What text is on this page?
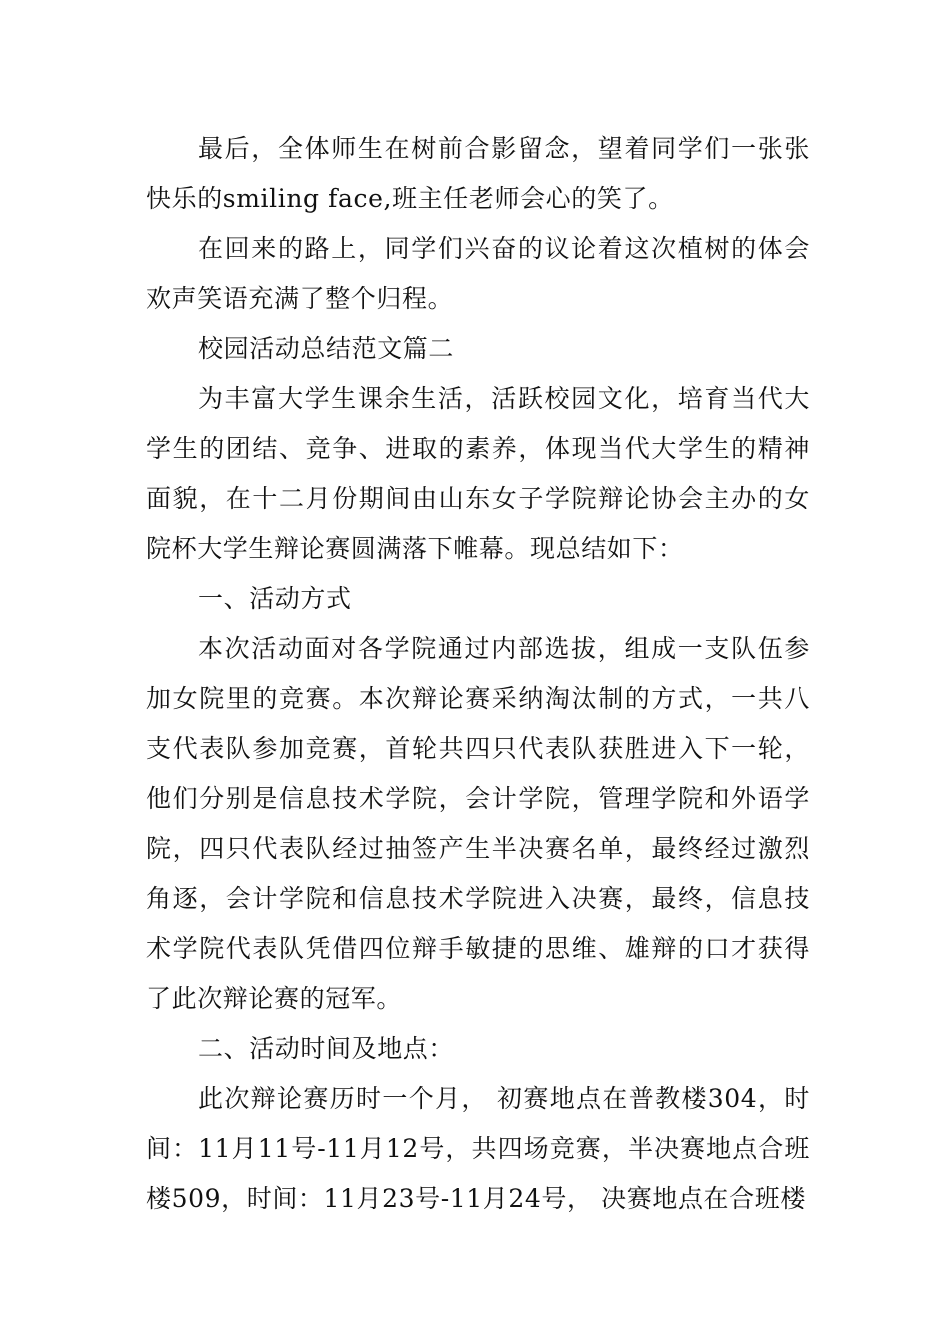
最后，全体师生在树前合影留念，望着同学们一张张快乐的smiling face,班主任老师会心的笑了。

在回来的路上，同学们兴奋的议论着这次植树的体会欢声笑语充满了整个归程。

校园活动总结范文篇二

为丰富大学生课余生活，活跃校园文化，培育当代大学生的团结、竞争、进取的素养，体现当代大学生的精神面貌，在十二月份期间由山东女子学院辩论协会主办的女院杯大学生辩论赛圆满落下帷幕。现总结如下：

一、活动方式

本次活动面对各学院通过内部选拔，组成一支队伍参加女院里的竞赛。本次辩论赛采纳淘汰制的方式，一共八支代表队参加竞赛，首轮共四只代表队获胜进入下一轮，他们分别是信息技术学院，会计学院，管理学院和外语学院，四只代表队经过抽签产生半决赛名单，最终经过激烈角逐，会计学院和信息技术学院进入决赛，最终，信息技术学院代表队凭借四位辩手敏捷的思维、雄辩的口才获得了此次辩论赛的冠军。

二、活动时间及地点：

此次辩论赛历时一个月， 初赛地点在普教楼304，时间：11月11号-11月12号，共四场竞赛，半决赛地点合班楼509，时间：11月23号-11月24号， 决赛地点在合班楼
